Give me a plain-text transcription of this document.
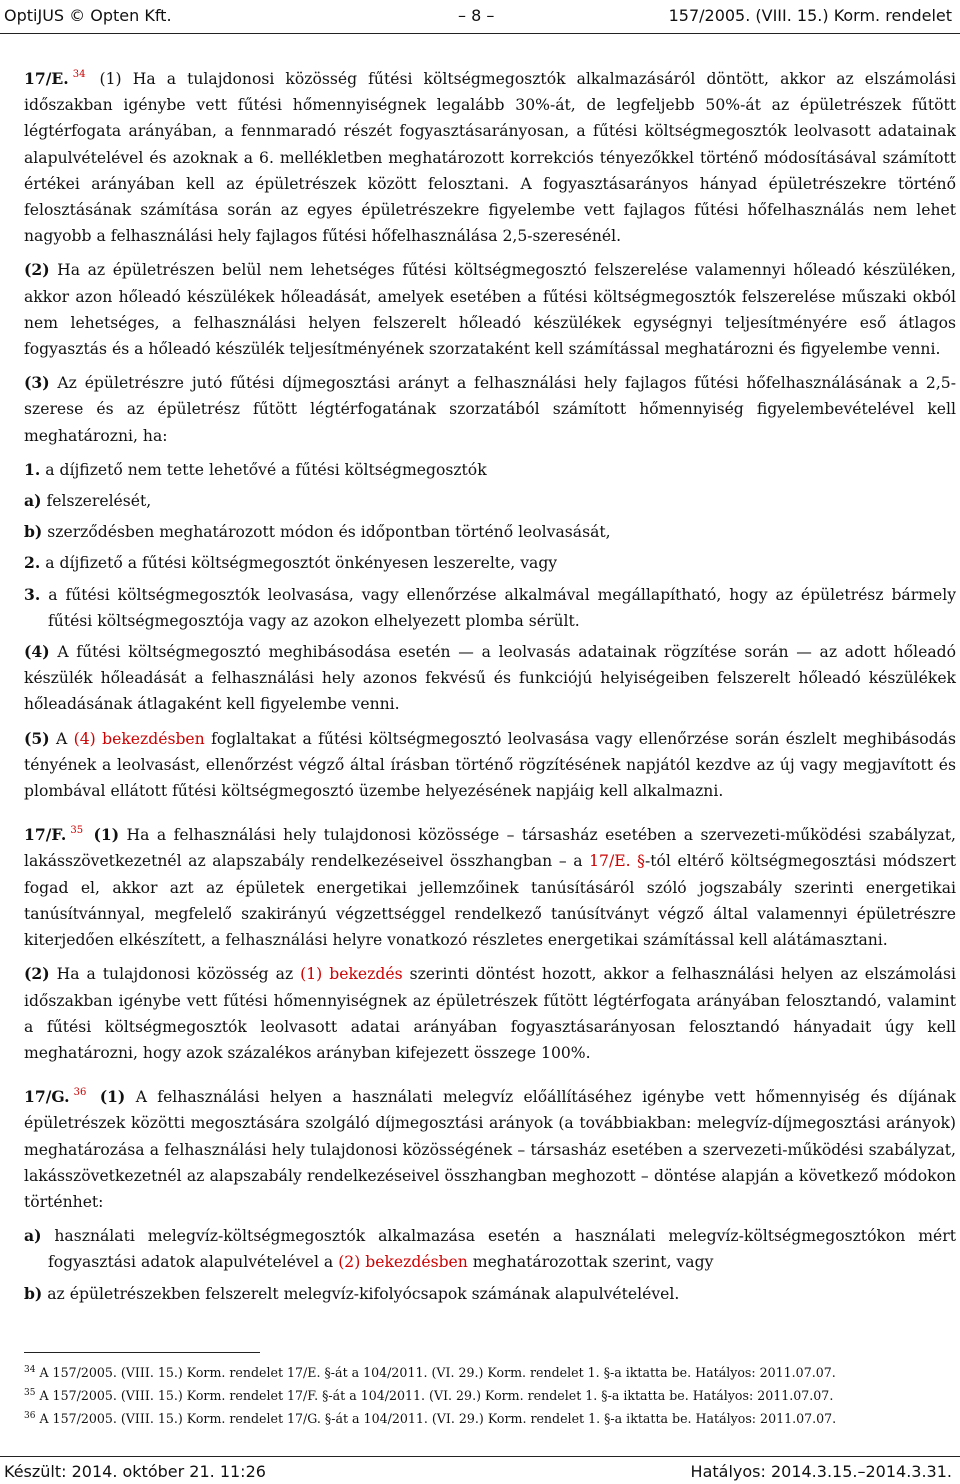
OptiJUS © Opten Kft.	– 8 –	157/2005. (VIII. 15.) Korm. rendelet

17/E. $^{34}$ (1) Ha a tulajdonosi közösség fűtési költségmegosztók alkalmazásáról döntött, akkor az elszámolási időszakban igénybe vett fűtési hőmennyiségnek legalább 30%-át, de legfeljebb 50%-át az épületrészek fűtött légtérfogata arányában, a fennmaradó részét fogyasztásarányosan, a fűtési költségmegosztók leolvasott adatainak alapulvételével és azoknak a 6. mellékletben meghatározott korrekciós tényezőkkel történő módosításával számított értékei arányában kell az épületrészek között felosztani. A fogyasztásarányos hányad épületrészekre történő felosztásának számítása során az egyes épületrészekre figyelembe vett fajlagos fűtési hőfelhasználás nem lehet nagyobb a felhasználási hely fajlagos fűtési hőfelhasználása 2,5-szeresénél.

(2) Ha az épületrészen belül nem lehetséges fűtési költségmegosztó felszerelése valamennyi hőleadó készüléken, akkor azon hőleadó készülékek hőleadását, amelyek esetében a fűtési költségmegosztók felszerelése műszaki okból nem lehetséges, a felhasználási helyen felszerelt hőleadó készülékek egységnyi teljesítményére eső átlagos fogyasztás és a hőleadó készülék teljesítményének szorzataként kell számítással meghatározni és figyelembe venni.

(3) Az épületrészre jutó fűtési díjmegosztási arányt a felhasználási hely fajlagos fűtési hőfelhasználásának a 2,5-szerese és az épületrész fűtött légtérfogatának szorzatából számított hőmennyiség figyelembevételével kell meghatározni, ha:

1. a díjfizető nem tette lehetővé a fűtési költségmegosztók

a) felszerelését,

b) szerződésben meghatározott módon és időpontban történő leolvasását,

2. a díjfizető a fűtési költségmegosztót önkényesen leszerelte, vagy

3. a fűtési költségmegosztók leolvasása, vagy ellenőrzése alkalmával megállapítható, hogy az épületrész bármely fűtési költségmegosztója vagy az azokon elhelyezett plomba sérült.

(4) A fűtési költségmegosztó meghibásodása esetén — a leolvasás adatainak rögzítése során — az adott hőleadó készülék hőleadását a felhasználási hely azonos fekvésű és funkciójú helyiségeiben felszerelt hőleadó készülékek hőleadásának átlagaként kell figyelembe venni.

(5) A (4) bekezdésben foglaltakat a fűtési költségmegosztó leolvasása vagy ellenőrzése során észlelt meghibásodás tényének a leolvasást, ellenőrzést végző által írásban történő rögzítésének napjától kezdve az új vagy megjavított és plombával ellátott fűtési költségmegosztó üzembe helyezésének napjáig kell alkalmazni.

17/F. $^{35}$ (1) Ha a felhasználási hely tulajdonosi közössége – társasház esetében a szervezeti-működési szabályzat, lakásszövetkezetnél az alapszabály rendelkezéseivel összhangban – a 17/E. §-tól eltérő költségmegosztási módszert fogad el, akkor azt az épületek energetikai jellemzőinek tanúsításáról szóló jogszabály szerinti energetikai tanúsítvánnyal, megfelelő szakirányú végzettséggel rendelkező tanúsítványt végző által valamennyi épületrészre kiterjedően elkészített, a felhasználási helyre vonatkozó részletes energetikai számítással kell alátámasztani.

(2) Ha a tulajdonosi közösség az (1) bekezdés szerinti döntést hozott, akkor a felhasználási helyen az elszámolási időszakban igénybe vett fűtési hőmennyiségnek az épületrészek fűtött légtérfogata arányában felosztandó, valamint a fűtési költségmegosztók leolvasott adatai arányában fogyasztásarányosan felosztandó hányadait úgy kell meghatározni, hogy azok százalékos arányban kifejezett összege 100%.

17/G. $^{36}$ (1) A felhasználási helyen a használati melegvíz előállításéhez igénybe vett hőmennyiség és díjának épületrészek közötti megosztására szolgáló díjmegosztási arányok (a továbbiakban: melegvíz-díjmegosztási arányok) meghatározása a felhasználási hely tulajdonosi közösségének – társasház esetében a szervezeti-működési szabályzat, lakásszövetkezetnél az alapszabály rendelkezéseivel összhangban meghozott – döntése alapján a következő módokon történhet:

a) használati melegvíz-költségmegosztók alkalmazása esetén a használati melegvíz-költségmegosztókon mért fogyasztási adatok alapulvételével a (2) bekezdésben meghatározottak szerint, vagy

b) az épületrészekben felszerelt melegvíz-kifolyócsapok számának alapulvételével.

$^{34}$ A 157/2005. (VIII. 15.) Korm. rendelet 17/E. §-át a 104/2011. (VI. 29.) Korm. rendelet 1. §-a iktatta be. Hatályos: 2011.07.07.
$^{35}$ A 157/2005. (VIII. 15.) Korm. rendelet 17/F. §-át a 104/2011. (VI. 29.) Korm. rendelet 1. §-a iktatta be. Hatályos: 2011.07.07.
$^{36}$ A 157/2005. (VIII. 15.) Korm. rendelet 17/G. §-át a 104/2011. (VI. 29.) Korm. rendelet 1. §-a iktatta be. Hatályos: 2011.07.07.
Készült: 2014. október 21. 11:26	Hatályos: 2014.3.15.–2014.3.31.
